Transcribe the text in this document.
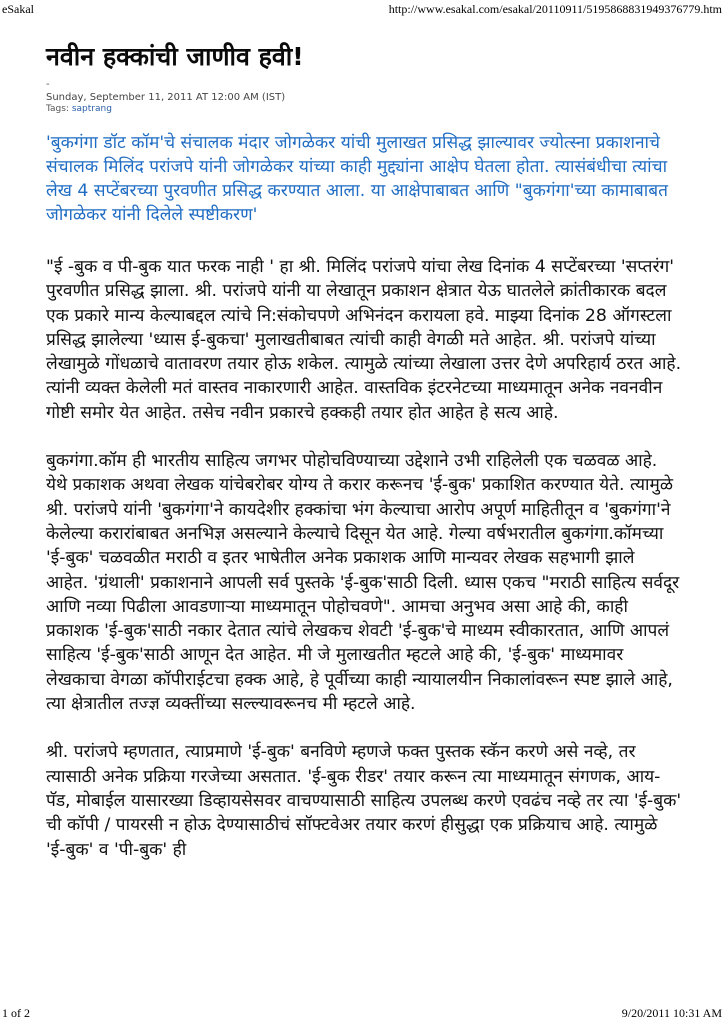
eSakal	http://www.esakal.com/esakal/20110911/5195868831949376779.htm
नवीन हक्कांची जाणीव हवी!
-
Sunday, September 11, 2011 AT 12:00 AM (IST)
Tags: saptrang

'बुकगंगा डॉट कॉम'चे संचालक मंदार जोगळेकर यांची मुलाखत प्रसिद्ध झाल्यावर ज्योत्स्ना प्रकाशनाचे संचालक मिलिंद परांजपे यांनी जोगळेकर यांच्या काही मुद्द्यांना आक्षेप घेतला होता. त्यासंबंधीचा त्यांचा लेख 4 सप्टेंबरच्या पुरवणीत प्रसिद्ध करण्यात आला. या आक्षेपाबाबत आणि "बुकगंगा'च्या कामाबाबत जोगळेकर यांनी दिलेले स्पष्टीकरण'

"ई -बुक व पी-बुक यात फरक नाही ' हा श्री. मिलिंद परांजपे यांचा लेख दिनांक 4 सप्टेंबरच्या 'सप्तरंग' पुरवणीत प्रसिद्ध झाला. श्री. परांजपे यांनी या लेखातून प्रकाशन क्षेत्रात येऊ घातलेले क्रांतीकारक बदल एक प्रकारे मान्य केल्याबद्दल त्यांचे नि:संकोचपणे अभिनंदन करायला हवे. माझ्या दिनांक 28 ऑगस्टला प्रसिद्ध झालेल्या 'ध्यास ई-बुकचा' मुलाखतीबाबत त्यांची काही वेगळी मते आहेत. श्री. परांजपे यांच्या लेखामुळे गोंधळाचे वातावरण तयार होऊ शकेल. त्यामुळे त्यांच्या लेखाला उत्तर देणे अपरिहार्य ठरत आहे. त्यांनी व्यक्त केलेली मतं वास्तव नाकारणारी आहेत. वास्तविक इंटरनेटच्या माध्यमातून अनेक नवनवीन गोष्टी समोर येत आहेत. तसेच नवीन प्रकारचे हक्कही तयार होत आहेत हे सत्य आहे.

बुकगंगा.कॉम ही भारतीय साहित्य जगभर पोहोचविण्याच्या उद्देशाने उभी राहिलेली एक चळवळ आहे. येथे प्रकाशक अथवा लेखक यांचेबरोबर योग्य ते करार करूनच 'ई-बुक' प्रकाशित करण्यात येते. त्यामुळे श्री. परांजपे यांनी 'बुकगंगा'ने कायदेशीर हक्कांचा भंग केल्याचा आरोप अपूर्ण माहितीतून व 'बुकगंगा'ने केलेल्या करारांबाबत अनभिज्ञ असल्याने केल्याचे दिसून येत आहे. गेल्या वर्षभरातील बुकगंगा.कॉमच्या 'ई-बुक' चळवळीत मराठी व इतर भाषेतील अनेक प्रकाशक आणि मान्यवर लेखक सहभागी झाले आहेत. 'ग्रंथाली' प्रकाशनाने आपली सर्व पुस्तके 'ई-बुक'साठी दिली. ध्यास एकच "मराठी साहित्य सर्वदूर आणि नव्या पिढीला आवडणाऱ्या माध्यमातून पोहोचवणे". आमचा अनुभव असा आहे की, काही प्रकाशक 'ई-बुक'साठी नकार देतात त्यांचे लेखकच शेवटी 'ई-बुक'चे माध्यम स्वीकारतात, आणि आपलं साहित्य 'ई-बुक'साठी आणून देत आहेत. मी जे मुलाखतीत म्हटले आहे की, 'ई-बुक' माध्यमावर लेखकाचा वेगळा कॉपीराईटचा हक्क आहे, हे पूर्वीच्या काही न्यायालयीन निकालांवरून स्पष्ट झाले आहे, त्या क्षेत्रातील तज्ज्ञ व्यक्तींच्या सल्ल्यावरूनच मी म्हटले आहे.

श्री. परांजपे म्हणतात, त्याप्रमाणे 'ई-बुक' बनविणे म्हणजे फक्त पुस्तक स्कॅन करणे असे नव्हे, तर त्यासाठी अनेक प्रक्रिया गरजेच्या असतात. 'ई-बुक रीडर' तयार करून त्या माध्यमातून संगणक, आय-पॅड, मोबाईल यासारख्या डिव्हायसेसवर वाचण्यासाठी साहित्य उपलब्ध करणे एवढंच नव्हे तर त्या 'ई-बुक' ची कॉपी / पायरसी न होऊ देण्यासाठीचं सॉफ्टवेअर तयार करणं हीसुद्धा एक प्रक्रियाच आहे. त्यामुळे 'ई-बुक' व 'पी-बुक' ही

1 of 2	9/20/2011 10:31 AM
